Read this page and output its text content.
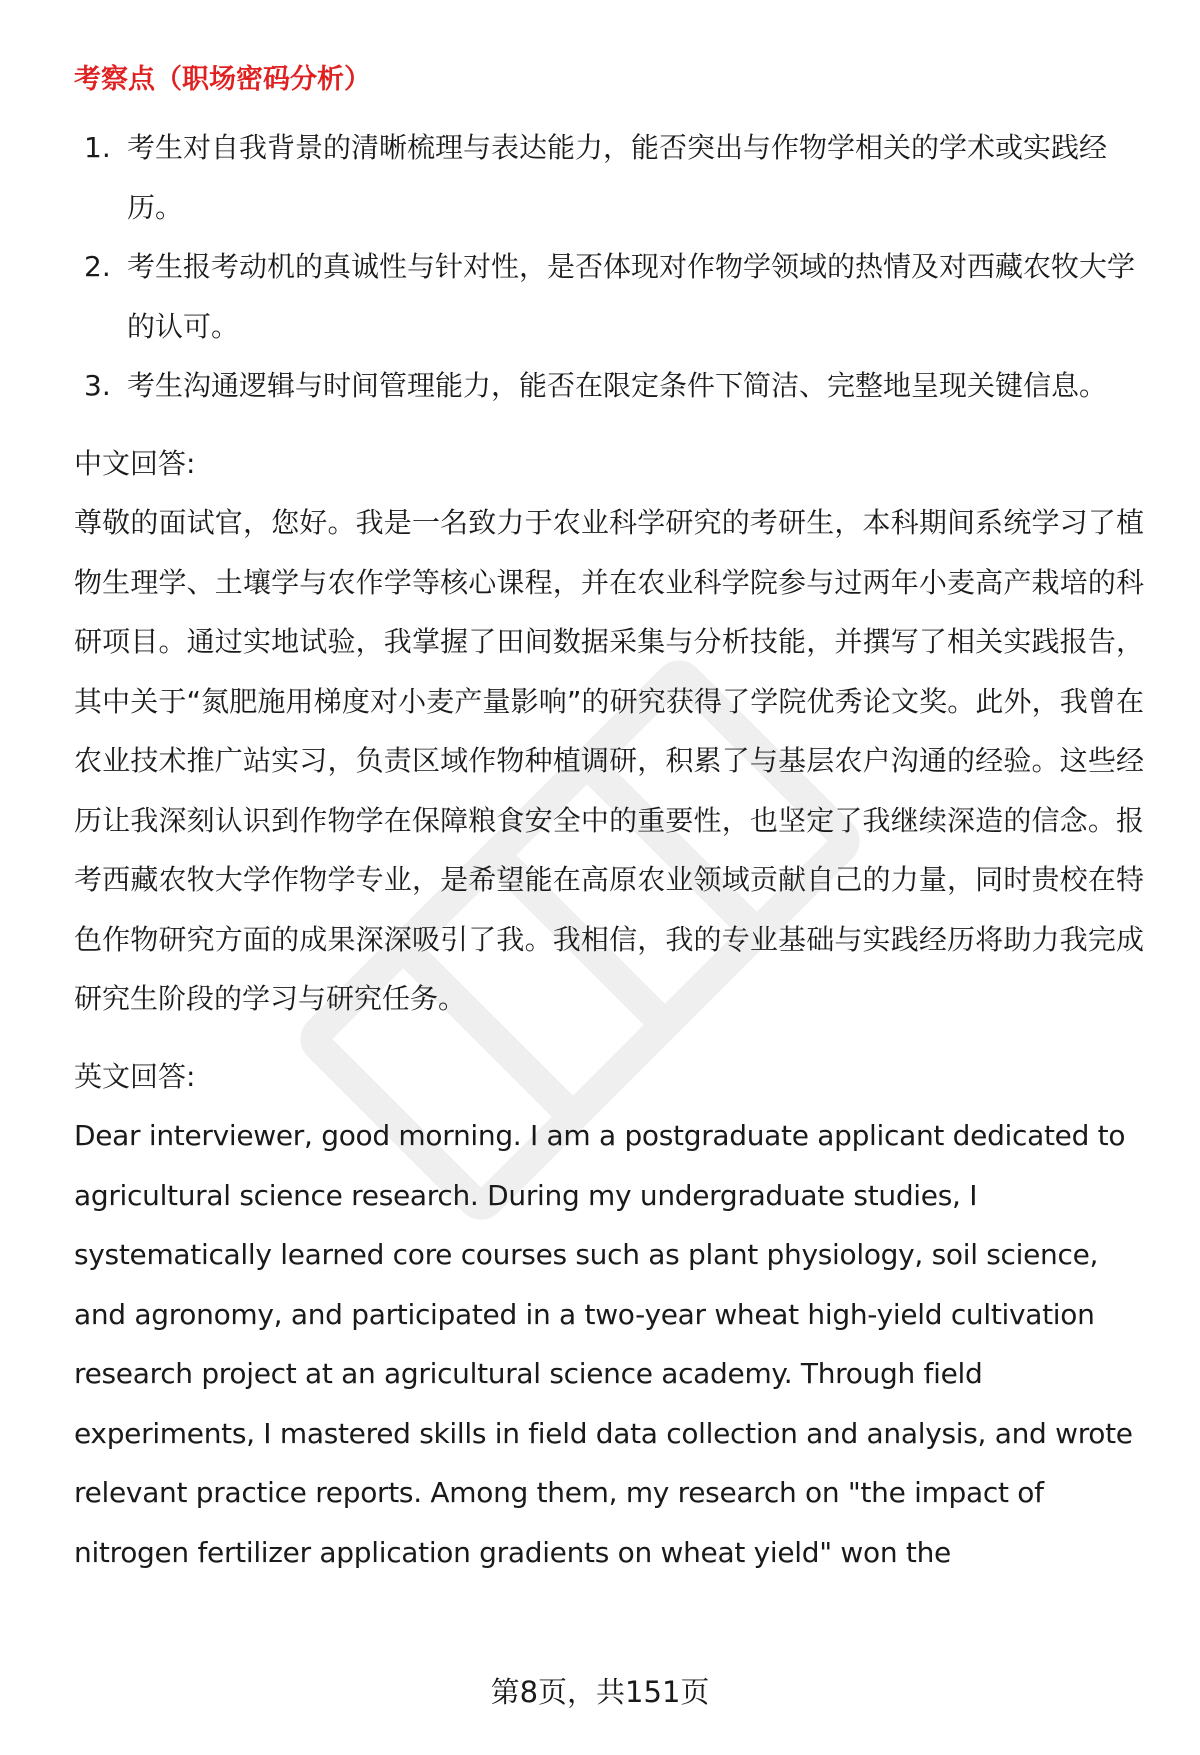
考察点（职场密码分析）
1. 考生对自我背景的清晰梳理与表达能力，能否突出与作物学相关的学术或实践经历。
2. 考生报考动机的真诚性与针对性，是否体现对作物学领域的热情及对西藏农牧大学的认可。
3. 考生沟通逻辑与时间管理能力，能否在限定条件下简洁、完整地呈现关键信息。
中文回答:

尊敬的面试官，您好。我是一名致力于农业科学研究的考研生，本科期间系统学习了植物生理学、土壤学与农作学等核心课程，并在农业科学院参与过两年小麦高产栽培的科研项目。通过实地试验，我掌握了田间数据采集与分析技能，并撰写了相关实践报告，其中关于“氮肥施用梯度对小麦产量影响”的研究获得了学院优秀论文奖。此外，我曾在农业技术推广站实习，负责区域作物种植调研，积累了与基层农户沟通的经验。这些经历让我深刻认识到作物学在保障粮食安全中的重要性，也坚定了我继续深造的信念。报考西藏农牧大学作物学专业，是希望能在高原农业领域贡献自己的力量，同时贵校在特色作物研究方面的成果深深吸引了我。我相信，我的专业基础与实践经历将助力我完成研究生阶段的学习与研究任务。

英文回答:

Dear interviewer, good morning. I am a postgraduate applicant dedicated to agricultural science research. During my undergraduate studies, I systematically learned core courses such as plant physiology, soil science, and agronomy, and participated in a two-year wheat high-yield cultivation research project at an agricultural science academy. Through field experiments, I mastered skills in field data collection and analysis, and wrote relevant practice reports. Among them, my research on "the impact of nitrogen fertilizer application gradients on wheat yield" won the

第8页，共151页
